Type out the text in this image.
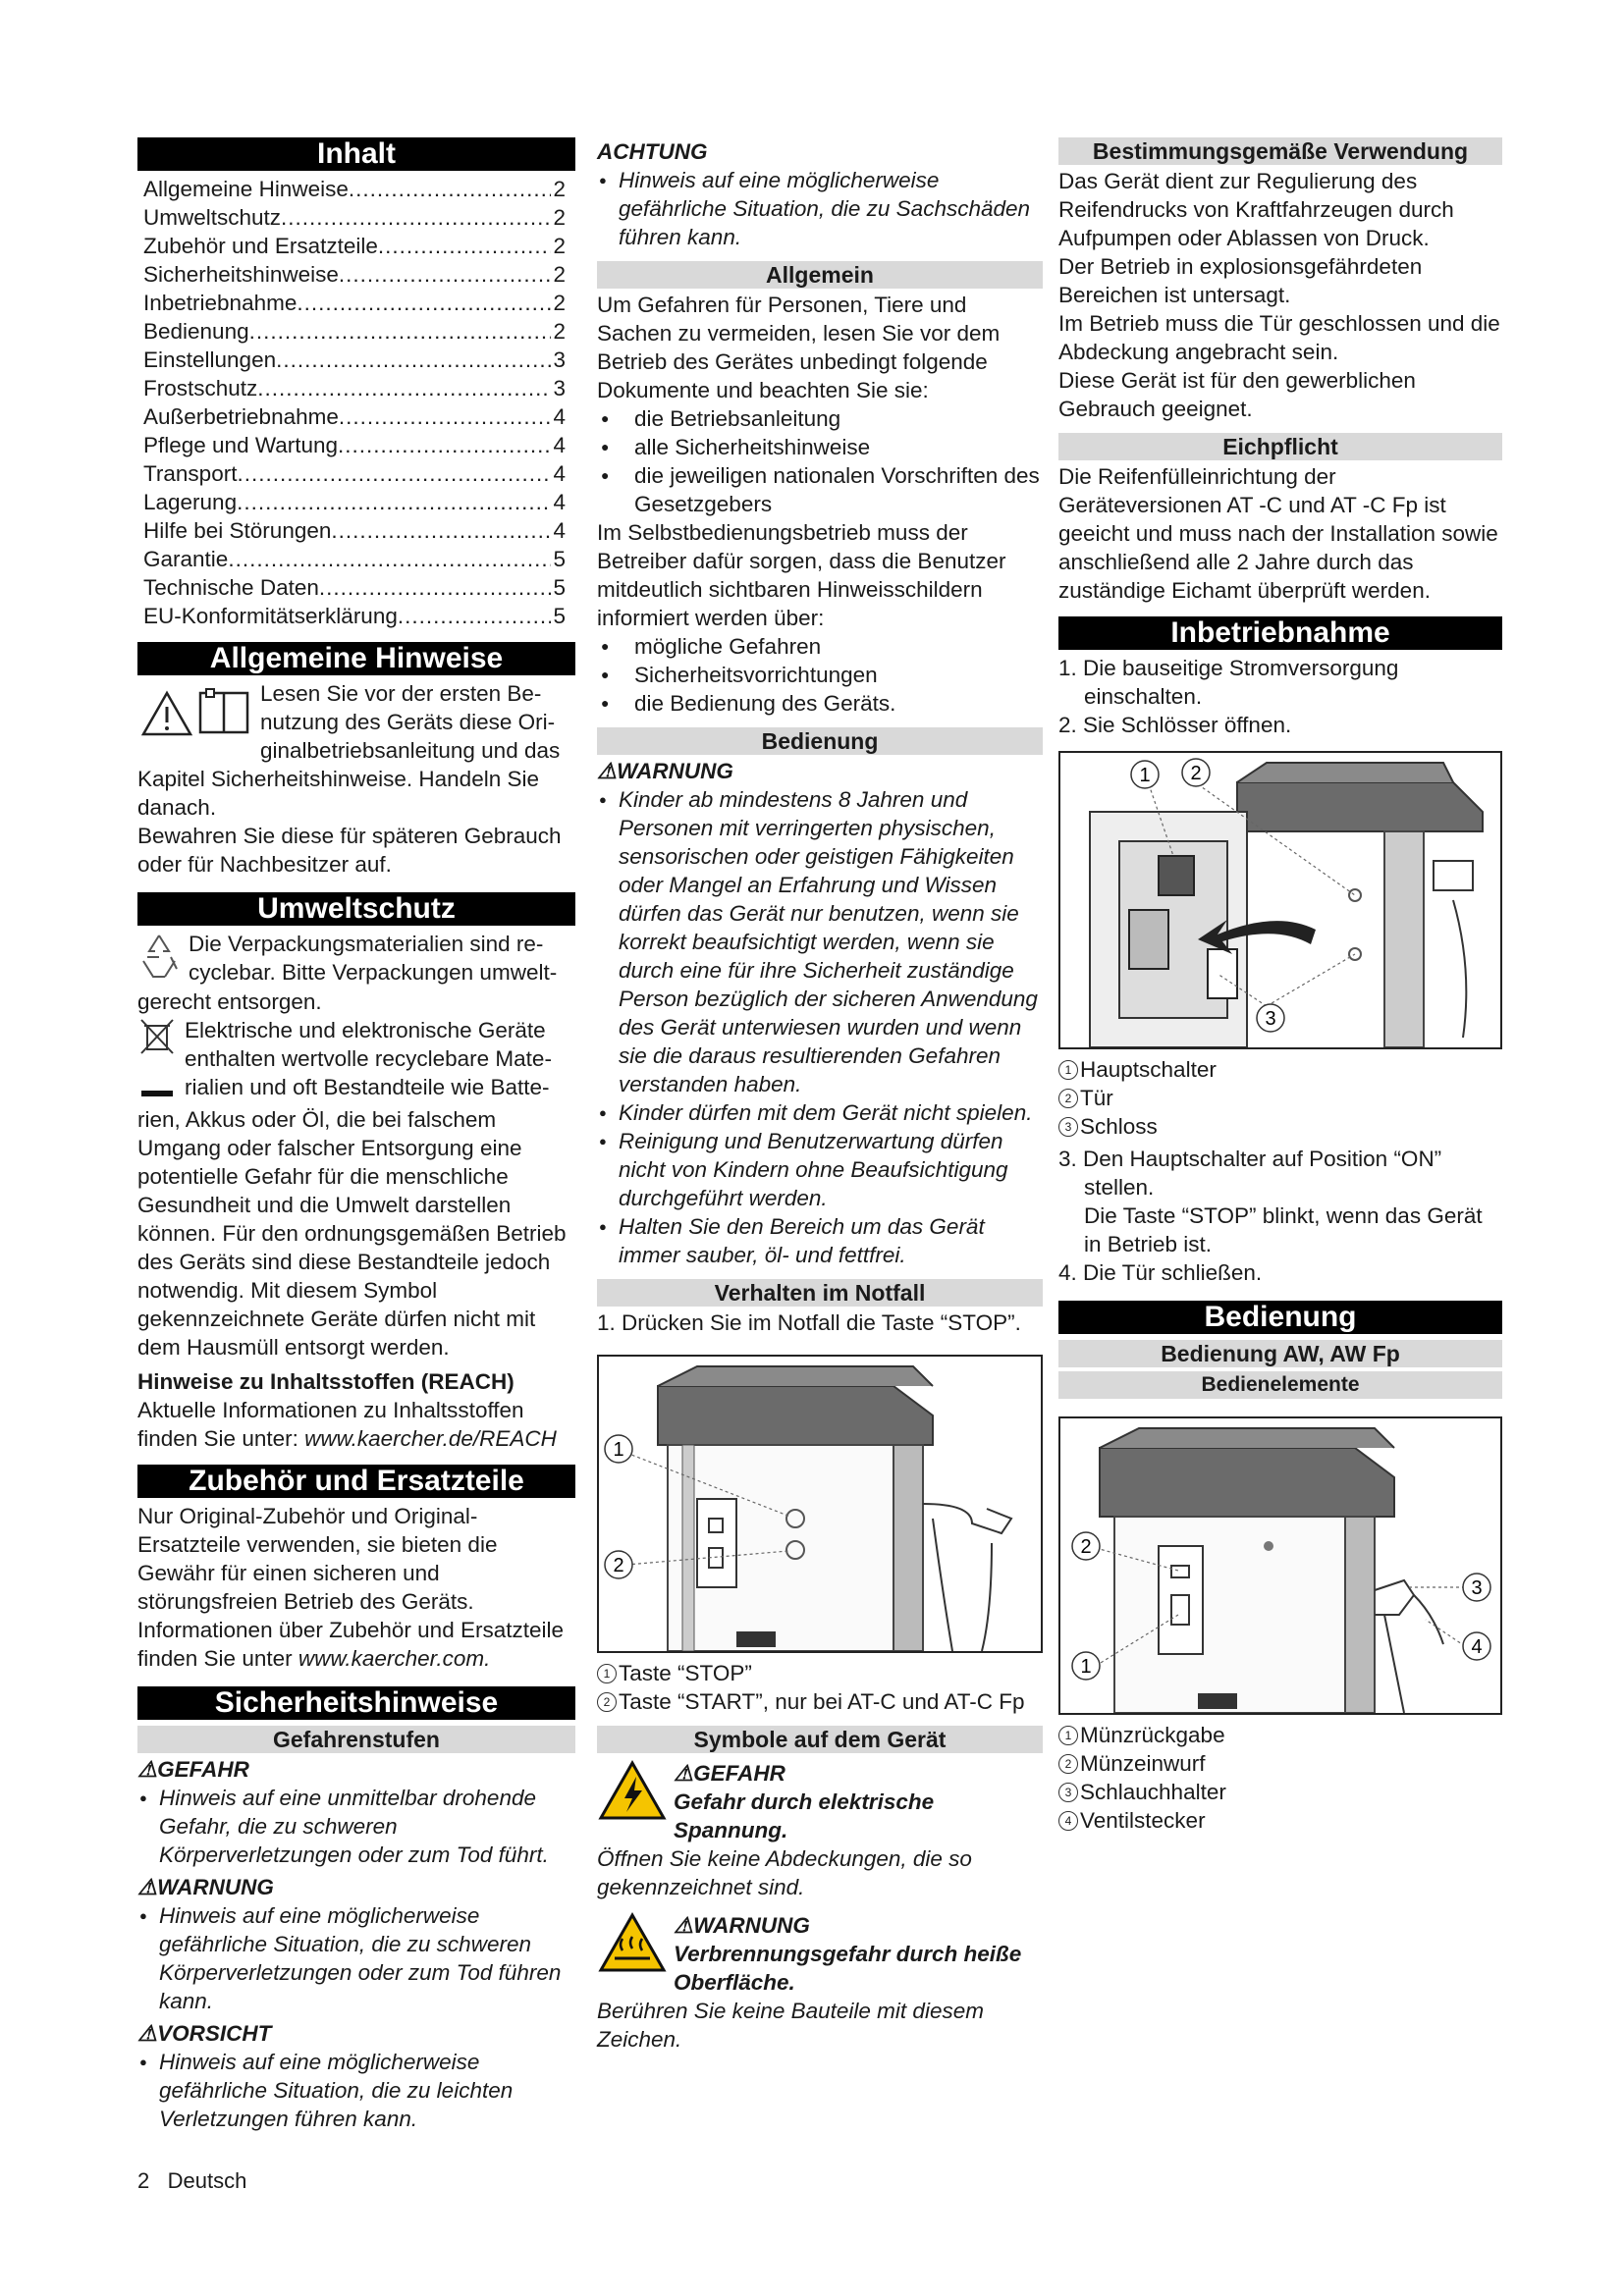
Inhalt
Allgemeine Hinweise .....	2
Umweltschutz .....	2
Zubehör und Ersatzteile .....	2
Sicherheitshinweise .....	2
Inbetriebnahme .....	2
Bedienung .....	2
Einstellungen .....	3
Frostschutz .....	3
Außerbetriebnahme .....	4
Pflege und Wartung .....	4
Transport .....	4
Lagerung .....	4
Hilfe bei Störungen .....	4
Garantie .....	5
Technische Daten .....	5
EU-Konformitätserklärung .....	5
Allgemeine Hinweise

Lesen Sie vor der ersten Be-

nutzung des Geräts diese Ori-

ginalbetriebsanleitung und das

Kapitel Sicherheitshinweise. Handeln Sie danach.

Bewahren Sie diese für späteren Gebrauch oder für Nachbesitzer auf.

Umweltschutz

Die Verpackungsmaterialien sind re-

cyclebar. Bitte Verpackungen umwelt-

gerecht entsorgen.

Elektrische und elektronische Geräte

enthalten wertvolle recyclebare Mate-

rialien und oft Bestandteile wie Batte-

rien, Akkus oder Öl, die bei falschem Umgang oder falscher Entsorgung eine potentielle Gefahr für die menschliche Gesundheit und die Umwelt darstellen können. Für den ordnungsgemäßen Betrieb des Geräts sind diese Bestandteile jedoch notwendig. Mit diesem Symbol gekennzeichnete Geräte dürfen nicht mit dem Hausmüll entsorgt werden.

Hinweise zu Inhaltsstoffen (REACH)

Aktuelle Informationen zu Inhaltsstoffen finden Sie unter: www.kaercher.de/REACH

Zubehör und Ersatzteile

Nur Original-Zubehör und Original-Ersatzteile verwenden, sie bieten die Gewähr für einen sicheren und störungsfreien Betrieb des Geräts.

Informationen über Zubehör und Ersatzteile finden Sie unter www.kaercher.com.

Sicherheitshinweise
Gefahrenstufen

⚠GEFAHR

● Hinweis auf eine unmittelbar drohende Gefahr, die zu schweren Körperverletzungen oder zum Tod führt.

⚠WARNUNG

● Hinweis auf eine möglicherweise gefährliche Situation, die zu schweren Körperverletzungen oder zum Tod führen kann.

⚠VORSICHT

● Hinweis auf eine möglicherweise gefährliche Situation, die zu leichten Verletzungen führen kann.

ACHTUNG

● Hinweis auf eine möglicherweise gefährliche Situation, die zu Sachschäden führen kann.

Allgemein

Um Gefahren für Personen, Tiere und Sachen zu vermeiden, lesen Sie vor dem Betrieb des Gerätes unbedingt folgende Dokumente und beachten Sie sie:

● die Betriebsanleitung

● alle Sicherheitshinweise

● die jeweiligen nationalen Vorschriften des Gesetzgebers

Im Selbstbedienungsbetrieb muss der Betreiber dafür sorgen, dass die Benutzer mitdeutlich sichtbaren Hinweisschildern informiert werden über:

● mögliche Gefahren

● Sicherheitsvorrichtungen

● die Bedienung des Geräts.

Bedienung

⚠WARNUNG

● Kinder ab mindestens 8 Jahren und Personen mit verringerten physischen, sensorischen oder geistigen Fähigkeiten oder Mangel an Erfahrung und Wissen dürfen das Gerät nur benutzen, wenn sie korrekt beaufsichtigt werden, wenn sie durch eine für ihre Sicherheit zuständige Person bezüglich der sicheren Anwendung des Gerät unterwiesen wurden und wenn sie die daraus resultierenden Gefahren verstanden haben.

● Kinder dürfen mit dem Gerät nicht spielen.

● Reinigung und Benutzerwartung dürfen nicht von Kindern ohne Beaufsichtigung durchgeführt werden.

● Halten Sie den Bereich um das Gerät immer sauber, öl- und fettfrei.

Verhalten im Notfall

1. Drücken Sie im Notfall die Taste “STOP”.

1
2
1 Taste “STOP”
2 Taste “START”, nur bei AT-C und AT-C Fp
Symbole auf dem Gerät

⚠GEFAHR

Gefahr durch elektrische Spannung.

Öffnen Sie keine Abdeckungen, die so gekennzeichnet sind.

⚠WARNUNG

Verbrennungsgefahr durch heiße Oberfläche.

Berühren Sie keine Bauteile mit diesem Zeichen.

Bestimmungsgemäße Verwendung

Das Gerät dient zur Regulierung des Reifendrucks von Kraftfahrzeugen durch Aufpumpen oder Ablassen von Druck.

Der Betrieb in explosionsgefährdeten Bereichen ist untersagt.

Im Betrieb muss die Tür geschlossen und die Abdeckung angebracht sein.

Diese Gerät ist für den gewerblichen Gebrauch geeignet.

Eichpflicht

Die Reifenfülleinrichtung der Geräteversionen AT -C und AT -C Fp ist geeicht und muss nach der Installation sowie anschließend alle 2 Jahre durch das zuständige Eichamt überprüft werden.

Inbetriebnahme

1. Die bauseitige Stromversorgung einschalten.

2. Sie Schlösser öffnen.

1 2
3
1 Hauptschalter
2 Tür
3 Schloss

3. Den Hauptschalter auf Position “ON” stellen.

Die Taste “STOP” blinkt, wenn das Gerät in Betrieb ist.

4. Die Tür schließen.

Bedienung
Bedienung AW, AW Fp
Bedienelemente
1
2
3
4
1 Münzrückgabe
2 Münzeinwurf
3 Schlauchhalter
4 Ventilstecker
2 Deutsch
